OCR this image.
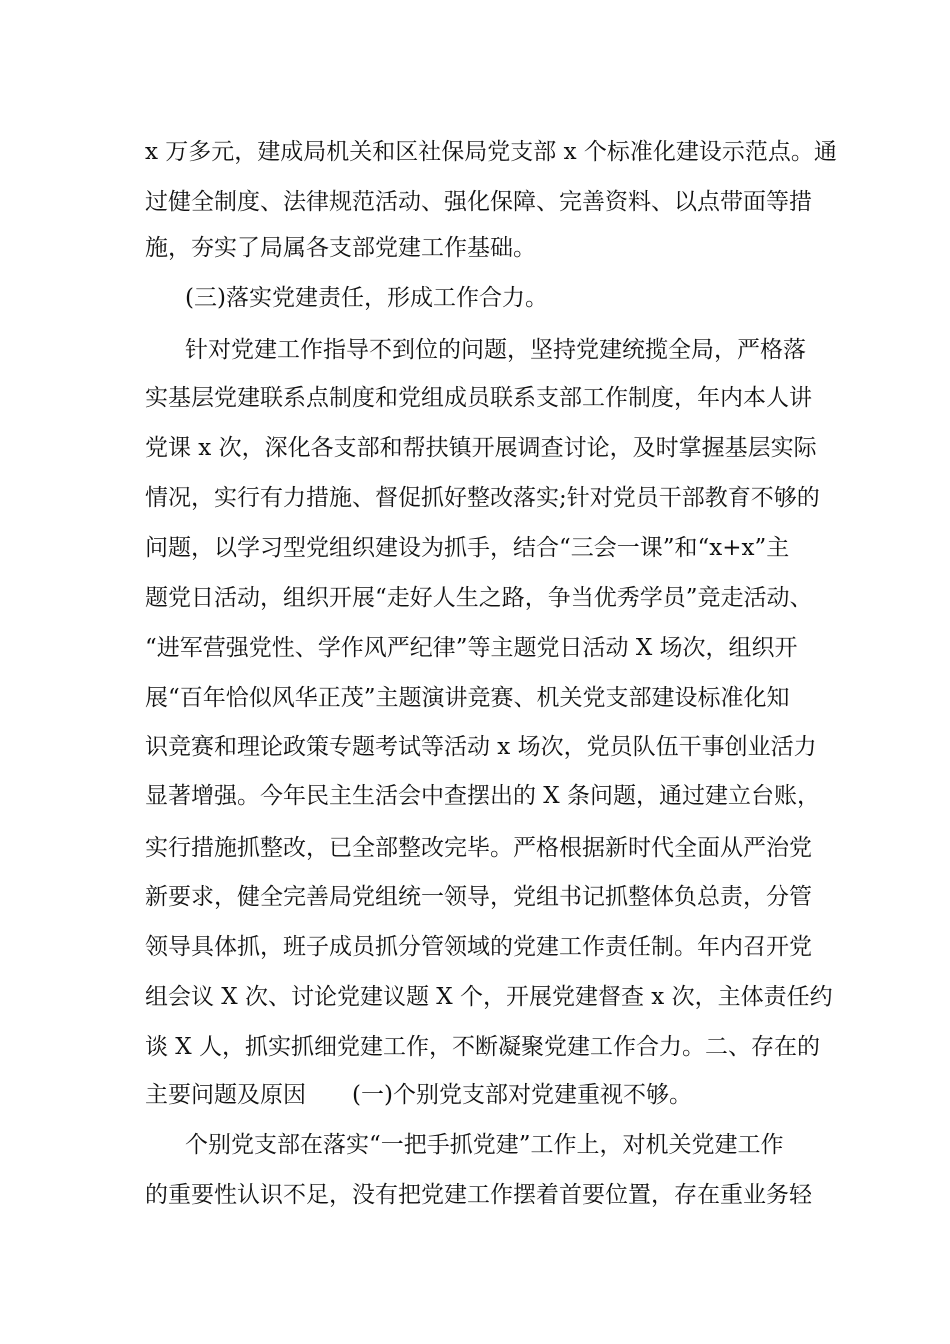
x 万多元，建成局机关和区社保局党支部 x 个标准化建设示范点。通
过健全制度、法律规范活动、强化保障、完善资料、以点带面等措
施，夯实了局属各支部党建工作基础。
(三)落实党建责任，形成工作合力。
针对党建工作指导不到位的问题，坚持党建统揽全局，严格落
实基层党建联系点制度和党组成员联系支部工作制度，年内本人讲
党课 x 次，深化各支部和帮扶镇开展调查讨论，及时掌握基层实际
情况，实行有力措施、督促抓好整改落实;针对党员干部教育不够的
问题，以学习型党组织建设为抓手，结合“三会一课”和“x+x”主
题党日活动，组织开展“走好人生之路，争当优秀学员”竞走活动、
“进军营强党性、学作风严纪律”等主题党日活动 X 场次，组织开
展“百年恰似风华正茂”主题演讲竞赛、机关党支部建设标准化知
识竞赛和理论政策专题考试等活动 x 场次，党员队伍干事创业活力
显著增强。今年民主生活会中查摆出的 X 条问题，通过建立台账，
实行措施抓整改，已全部整改完毕。严格根据新时代全面从严治党
新要求，健全完善局党组统一领导，党组书记抓整体负总责，分管
领导具体抓，班子成员抓分管领域的党建工作责任制。年内召开党
组会议 X 次、讨论党建议题 X 个，开展党建督查 x 次，主体责任约
谈 X 人，抓实抓细党建工作，不断凝聚党建工作合力。二、存在的
主要问题及原因　　(一)个别党支部对党建重视不够。
个别党支部在落实“一把手抓党建”工作上，对机关党建工作
的重要性认识不足，没有把党建工作摆着首要位置，存在重业务轻
